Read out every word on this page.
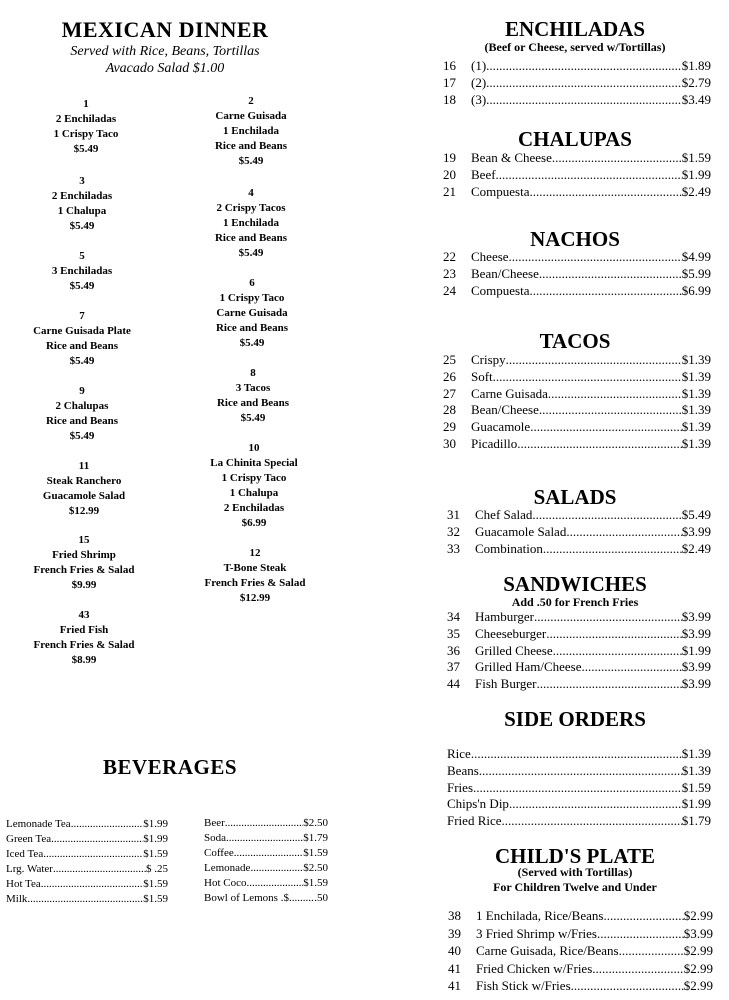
MEXICAN DINNER
Served with Rice, Beans, Tortillas
Avacado Salad $1.00
1
2 Enchiladas
1 Crispy Taco
$5.49
2
Carne Guisada
1 Enchilada
Rice and Beans
$5.49
3
2 Enchiladas
1 Chalupa
$5.49
4
2 Crispy Tacos
1 Enchilada
Rice and Beans
$5.49
5
3 Enchiladas
$5.49	6
1 Crispy Taco
Carne Guisada
Rice and Beans
$5.49
7
Carne Guisada Plate
Rice and Beans
$5.49
8
3 Tacos
Rice and Beans
$5.49
9
2 Chalupas
Rice and Beans
$5.49
10
La Chinita Special
1 Crispy Taco
1 Chalupa
2 Enchiladas
$6.99
11
Steak Ranchero
Guacamole Salad
$12.99
12
T-Bone Steak
French Fries & Salad
$12.99
15
Fried Shrimp
French Fries & Salad
$9.99
43
Fried Fish
French Fries & Salad
$8.99
BEVERAGES
Lemonade Tea .....	$1.99
Green Tea .....	$1.99
Iced Tea .....	$1.59
Lrg. Water .....	$ .25
Hot Tea .....	$1.59
Milk .....	$1.59
Beer .....	$2.50
Soda .....	$1.79
Coffee .....	$1.59
Lemonade .....	$2.50
Hot Coco .....	$1.59
Bowl of Lemons .$ ..... .50
ENCHILADAS
(Beef or Cheese, served w/Tortillas)
16	(1) .....	$1.89
17	(2) .....	$2.79
18	(3) .....	$3.49
CHALUPAS
19	Bean & Cheese .....	$1.59
20	Beef .....	$1.99
21	Compuesta .....	$2.49
NACHOS
22	Cheese .....	$4.99
23	Bean/Cheese .....	$5.99
24	Compuesta .....	$6.99
TACOS
25	Crispy .....	$1.39
26	Soft .....	$1.39
27	Carne Guisada .....	$1.39
28	Bean/Cheese .....	$1.39
29	Guacamole .....	$1.39
30	Picadillo .....	$1.39
SALADS
31	Chef Salad .....	$5.49
32	Guacamole Salad .....	$3.99
33	Combination .....	$2.49
SANDWICHES
Add .50 for French Fries
34	Hamburger .....	$3.99
35	Cheeseburger .....	$3.99
36	Grilled Cheese .....	$1.99
37	Grilled Ham/Cheese .....	$3.99
44	Fish Burger .....	$3.99
SIDE ORDERS
Rice .....	$1.39
Beans .....	$1.39
Fries .....	$1.59
Chips'n Dip .....	$1.99
Fried Rice .....	$1.79
CHILD'S PLATE
(Served with Tortillas)
For Children Twelve and Under
38	1 Enchilada, Rice/Beans .....	$2.99
39	3 Fried Shrimp w/Fries .....	$3.99
40	Carne Guisada, Rice/Beans .....	$2.99
41	Fried Chicken w/Fries .....	$2.99
41	Fish Stick w/Fries .....	$2.99
